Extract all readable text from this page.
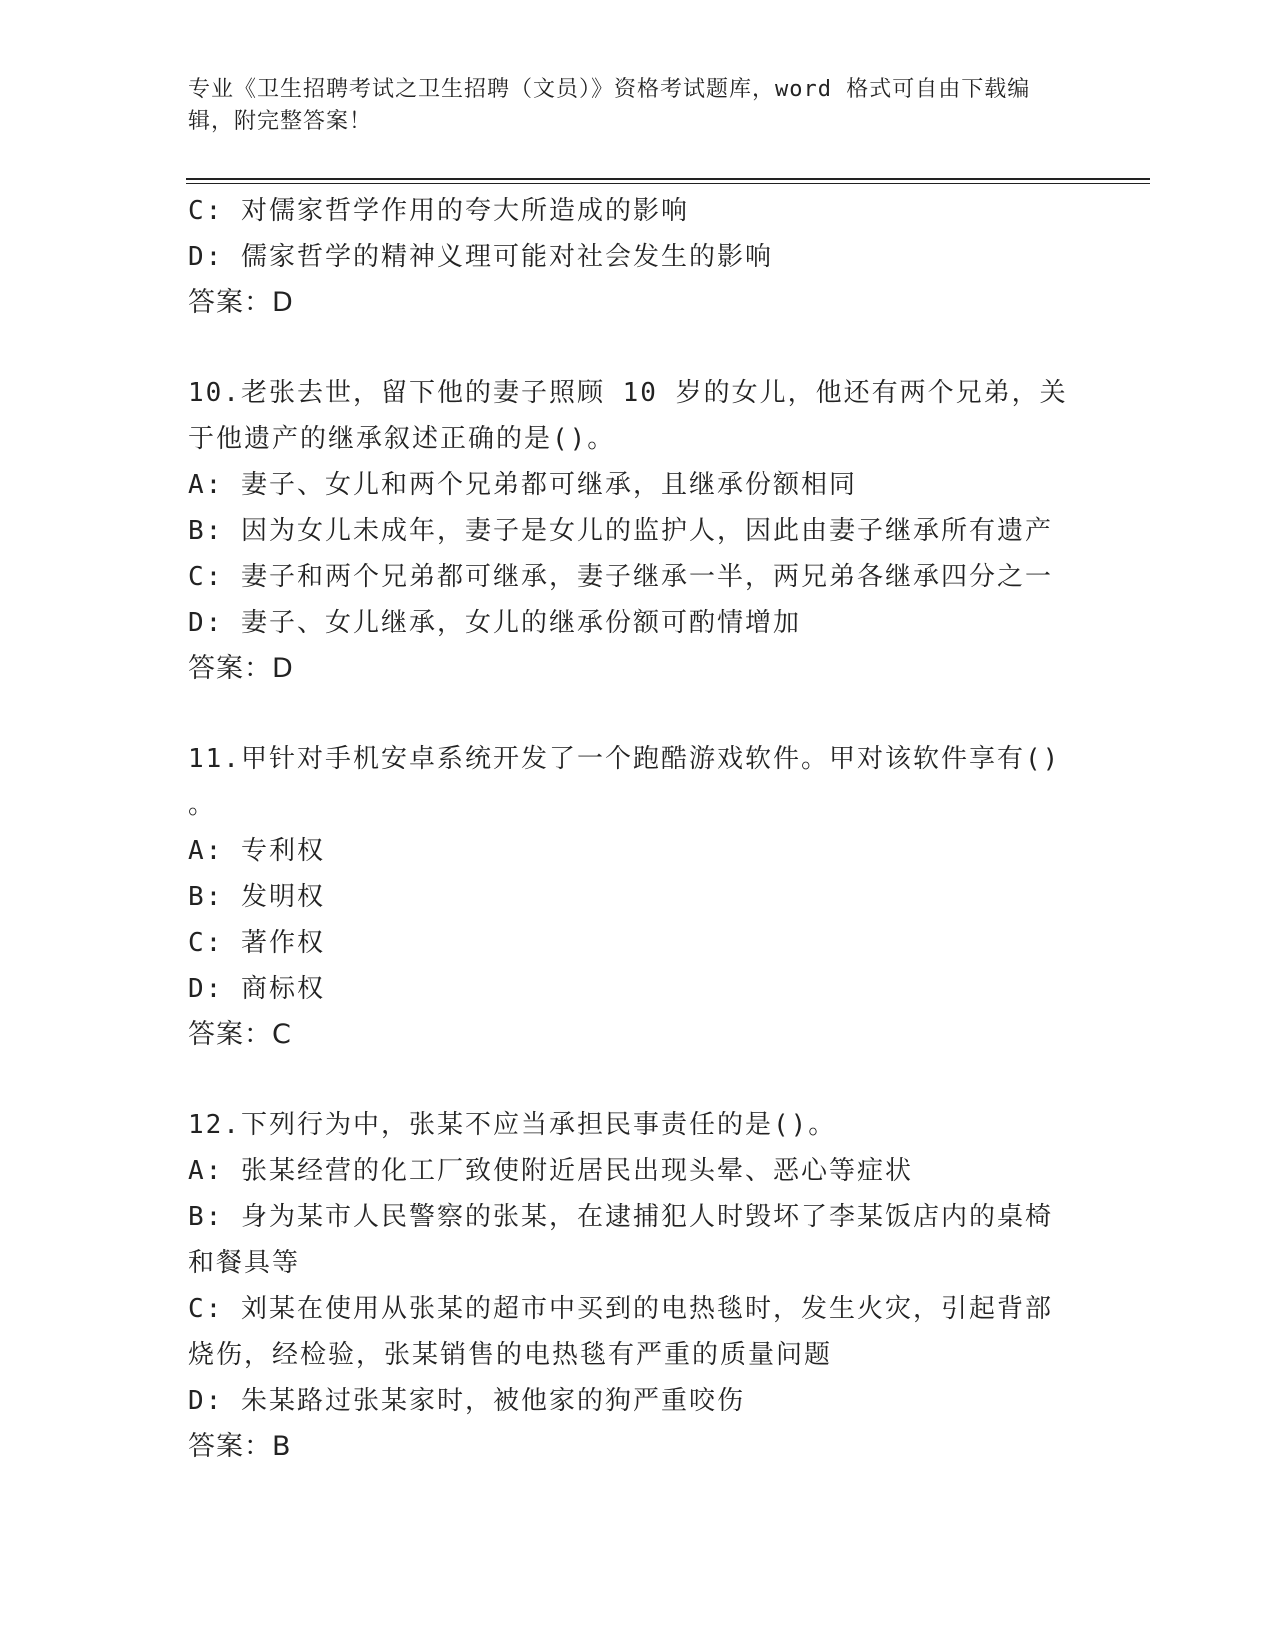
专业《卫生招聘考试之卫生招聘（文员）》资格考试题库，word 格式可自由下载编辑，附完整答案！
C: 对儒家哲学作用的夸大所造成的影响
D: 儒家哲学的精神义理可能对社会发生的影响
答案：D
10.老张去世，留下他的妻子照顾 10 岁的女儿，他还有两个兄弟，关
于他遗产的继承叙述正确的是()。
A: 妻子、女儿和两个兄弟都可继承，且继承份额相同
B: 因为女儿未成年，妻子是女儿的监护人，因此由妻子继承所有遗产
C: 妻子和两个兄弟都可继承，妻子继承一半，两兄弟各继承四分之一
D: 妻子、女儿继承，女儿的继承份额可酌情增加
答案：D
11.甲针对手机安卓系统开发了一个跑酷游戏软件。甲对该软件享有()
。
A: 专利权
B: 发明权
C: 著作权
D: 商标权
答案：C
12.下列行为中，张某不应当承担民事责任的是()。
A: 张某经营的化工厂致使附近居民出现头晕、恶心等症状
B: 身为某市人民警察的张某，在逮捕犯人时毁坏了李某饭店内的桌椅
和餐具等
C: 刘某在使用从张某的超市中买到的电热毯时，发生火灾，引起背部
烧伤，经检验，张某销售的电热毯有严重的质量问题
D: 朱某路过张某家时，被他家的狗严重咬伤
答案：B
